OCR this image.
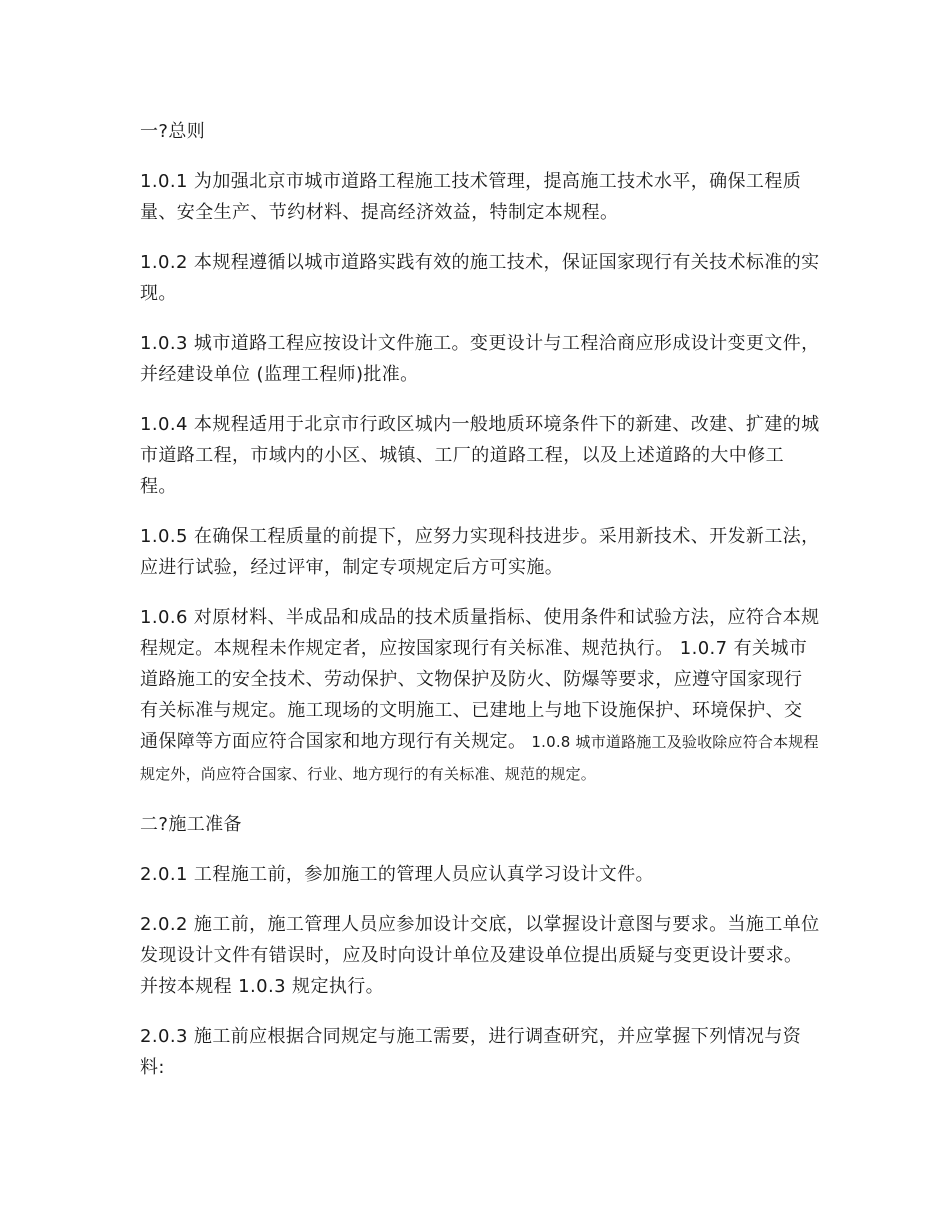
一?总则
1.0.1 为加强北京市城市道路工程施工技术管理，提高施工技术水平，确保工程质量、安全生产、节约材料、提高经济效益，特制定本规程。
1.0.2 本规程遵循以城市道路实践有效的施工技术，保证国家现行有关技术标准的实现。
1.0.3 城市道路工程应按设计文件施工。变更设计与工程洽商应形成设计变更文件，并经建设单位 (监理工程师)批准。
1.0.4 本规程适用于北京市行政区城内一般地质环境条件下的新建、改建、扩建的城市道路工程，市域内的小区、城镇、工厂的道路工程，以及上述道路的大中修工程。
1.0.5 在确保工程质量的前提下，应努力实现科技进步。采用新技术、开发新工法，应进行试验，经过评审，制定专项规定后方可实施。
1.0.6 对原材料、半成品和成品的技术质量指标、使用条件和试验方法，应符合本规程规定。本规程未作规定者，应按国家现行有关标准、规范执行。 1.0.7 有关城市道路施工的安全技术、劳动保护、文物保护及防火、防爆等要求，应遵守国家现行有关标准与规定。施工现场的文明施工、已建地上与地下设施保护、环境保护、交通保障等方面应符合国家和地方现行有关规定。 1.0.8 城市道路施工及验收除应符合本规程规定外，尚应符合国家、行业、地方现行的有关标准、规范的规定。
二?施工准备
2.0.1 工程施工前，参加施工的管理人员应认真学习设计文件。
2.0.2 施工前，施工管理人员应参加设计交底，以掌握设计意图与要求。当施工单位发现设计文件有错误时，应及时向设计单位及建设单位提出质疑与变更设计要求。并按本规程 1.0.3 规定执行。
2.0.3 施工前应根据合同规定与施工需要，进行调查研究，并应掌握下列情况与资料:
